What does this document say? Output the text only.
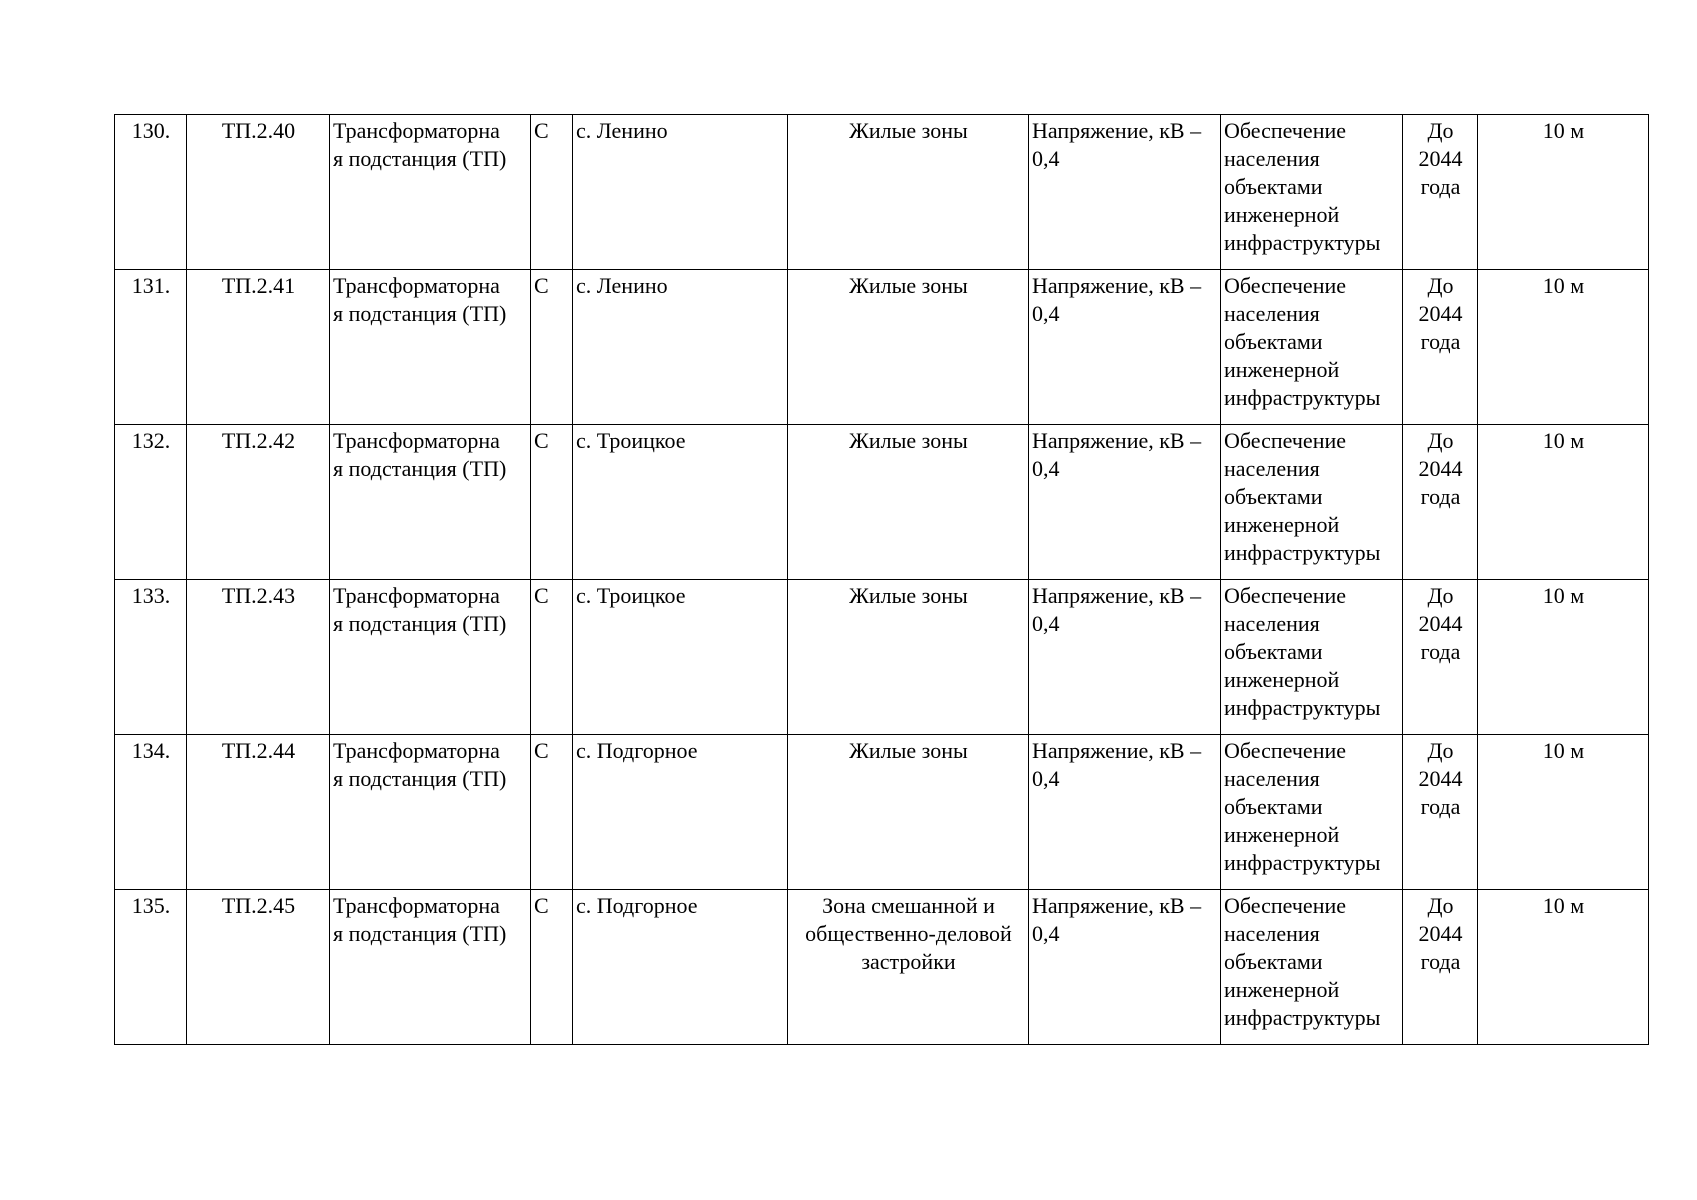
130.	ТП.2.40	Трансформаторна
я подстанция (ТП)	С	с. Ленино	Жилые зоны	Напряжение, кВ – 0,4	Обеспечение
населения
объектами
инженерной
инфраструктуры	До 2044 года	10 м
131.	ТП.2.41	Трансформаторна
я подстанция (ТП)	С	с. Ленино	Жилые зоны	Напряжение, кВ – 0,4	Обеспечение
населения
объектами
инженерной
инфраструктуры	До 2044 года	10 м
132.	ТП.2.42	Трансформаторна
я подстанция (ТП)	С	с. Троицкое	Жилые зоны	Напряжение, кВ – 0,4	Обеспечение
населения
объектами
инженерной
инфраструктуры	До 2044 года	10 м
133.	ТП.2.43	Трансформаторна
я подстанция (ТП)	С	с. Троицкое	Жилые зоны	Напряжение, кВ – 0,4	Обеспечение
населения
объектами
инженерной
инфраструктуры	До 2044 года	10 м
134.	ТП.2.44	Трансформаторна
я подстанция (ТП)	С	с. Подгорное	Жилые зоны	Напряжение, кВ – 0,4	Обеспечение
населения
объектами
инженерной
инфраструктуры	До 2044 года	10 м
135.	ТП.2.45	Трансформаторна
я подстанция (ТП)	С	с. Подгорное	Зона смешанной и общественно-деловой застройки	Напряжение, кВ – 0,4	Обеспечение
населения
объектами
инженерной
инфраструктуры	До 2044 года	10 м
